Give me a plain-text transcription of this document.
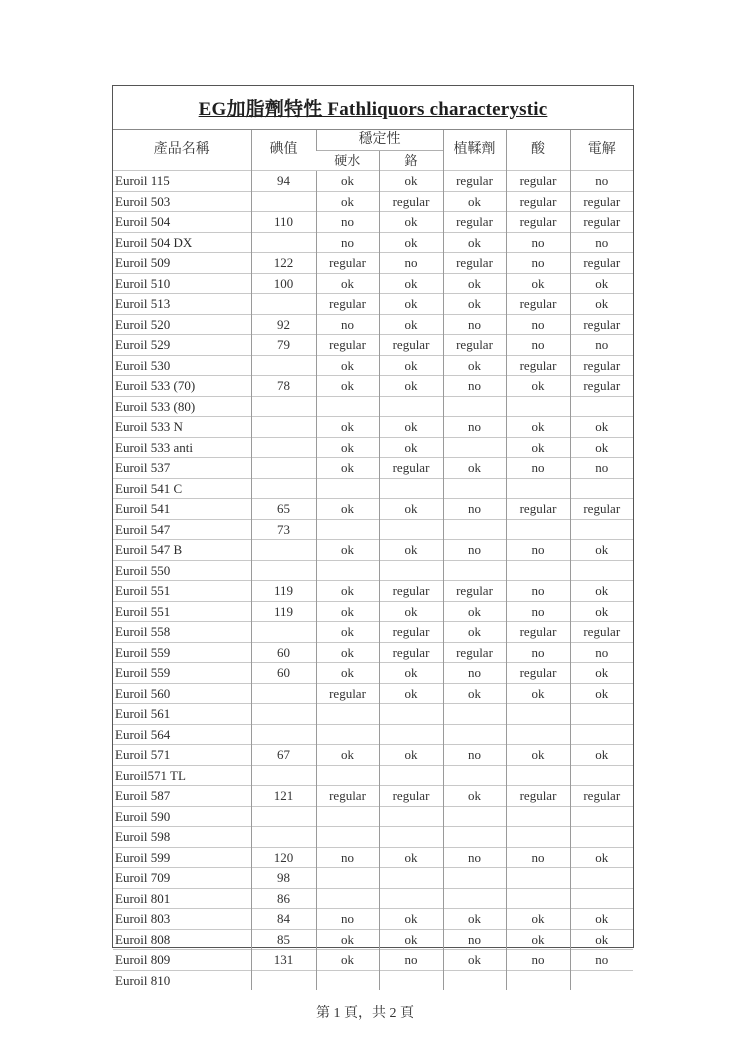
EG加脂劑特性 Fathliquors characterystic
產品名稱	碘值	穩定性		植鞣劑	酸	電解
		硬水	鉻			
Euroil 115	94	ok	ok	regular	regular	no
Euroil 503		ok	regular	ok	regular	regular
Euroil 504	110	no	ok	regular	regular	regular
Euroil 504 DX		no	ok	ok	no	no
Euroil 509	122	regular	no	regular	no	regular
Euroil 510	100	ok	ok	ok	ok	ok
Euroil 513		regular	ok	ok	regular	ok
Euroil 520	92	no	ok	no	no	regular
Euroil 529	79	regular	regular	regular	no	no
Euroil 530		ok	ok	ok	regular	regular
Euroil 533 (70)	78	ok	ok	no	ok	regular
Euroil 533 (80)						
Euroil 533 N		ok	ok	no	ok	ok
Euroil 533 anti		ok	ok		ok	ok
Euroil 537		ok	regular	ok	no	no
Euroil 541 C						
Euroil 541	65	ok	ok	no	regular	regular
Euroil 547	73					
Euroil 547 B		ok	ok	no	no	ok
Euroil 550						
Euroil 551	119	ok	regular	regular	no	ok
Euroil 551	119	ok	ok	ok	no	ok
Euroil 558		ok	regular	ok	regular	regular
Euroil 559	60	ok	regular	regular	no	no
Euroil 559	60	ok	ok	no	regular	ok
Euroil 560		regular	ok	ok	ok	ok
Euroil 561						
Euroil 564						
Euroil 571	67	ok	ok	no	ok	ok
Euroil571 TL						
Euroil 587	121	regular	regular	ok	regular	regular
Euroil 590						
Euroil 598						
Euroil 599	120	no	ok	no	no	ok
Euroil 709	98					
Euroil 801	86					
Euroil 803	84	no	ok	ok	ok	ok
Euroil 808	85	ok	ok	no	ok	ok
Euroil 809	131	ok	no	ok	no	no
Euroil 810						
第 1 頁，共 2 頁
